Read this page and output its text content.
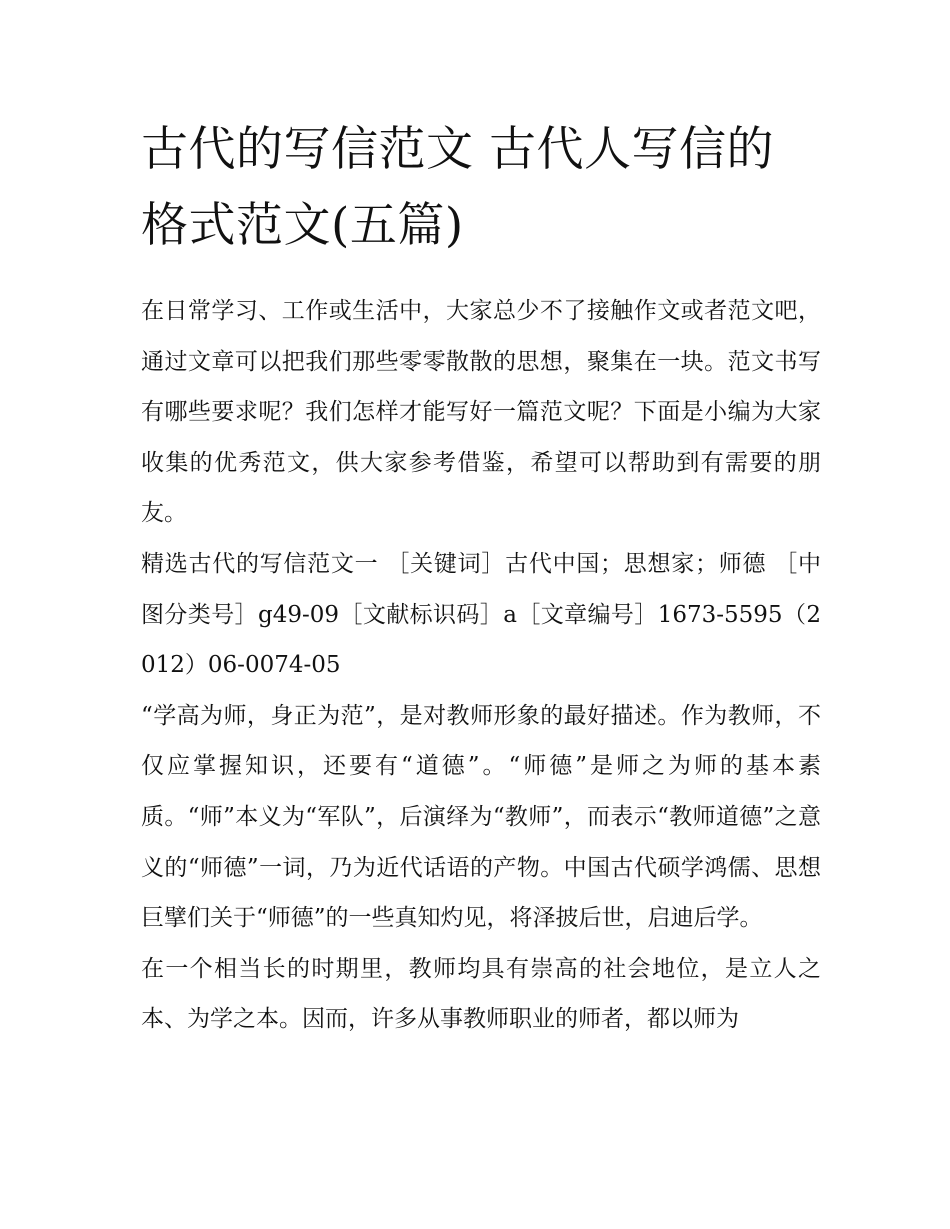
古代的写信范文 古代人写信的格式范文(五篇)

在日常学习、工作或生活中，大家总少不了接触作文或者范文吧，通过文章可以把我们那些零零散散的思想，聚集在一块。范文书写有哪些要求呢？我们怎样才能写好一篇范文呢？下面是小编为大家收集的优秀范文，供大家参考借鉴，希望可以帮助到有需要的朋友。

精选古代的写信范文一 ［关键词］古代中国；思想家；师德 ［中图分类号］g49-09［文献标识码］a［文章编号］1673-5595（2012）06-0074-05

“学高为师，身正为范”，是对教师形象的最好描述。作为教师，不仅应掌握知识，还要有“道德”。“师德”是师之为师的基本素质。“师”本义为“军队”，后演绎为“教师”，而表示“教师道德”之意义的“师德”一词，乃为近代话语的产物。中国古代硕学鸿儒、思想巨擘们关于“师德”的一些真知灼见，将泽披后世，启迪后学。

在一个相当长的时期里，教师均具有崇高的社会地位，是立人之本、为学之本。因而，许多从事教师职业的师者，都以师为
